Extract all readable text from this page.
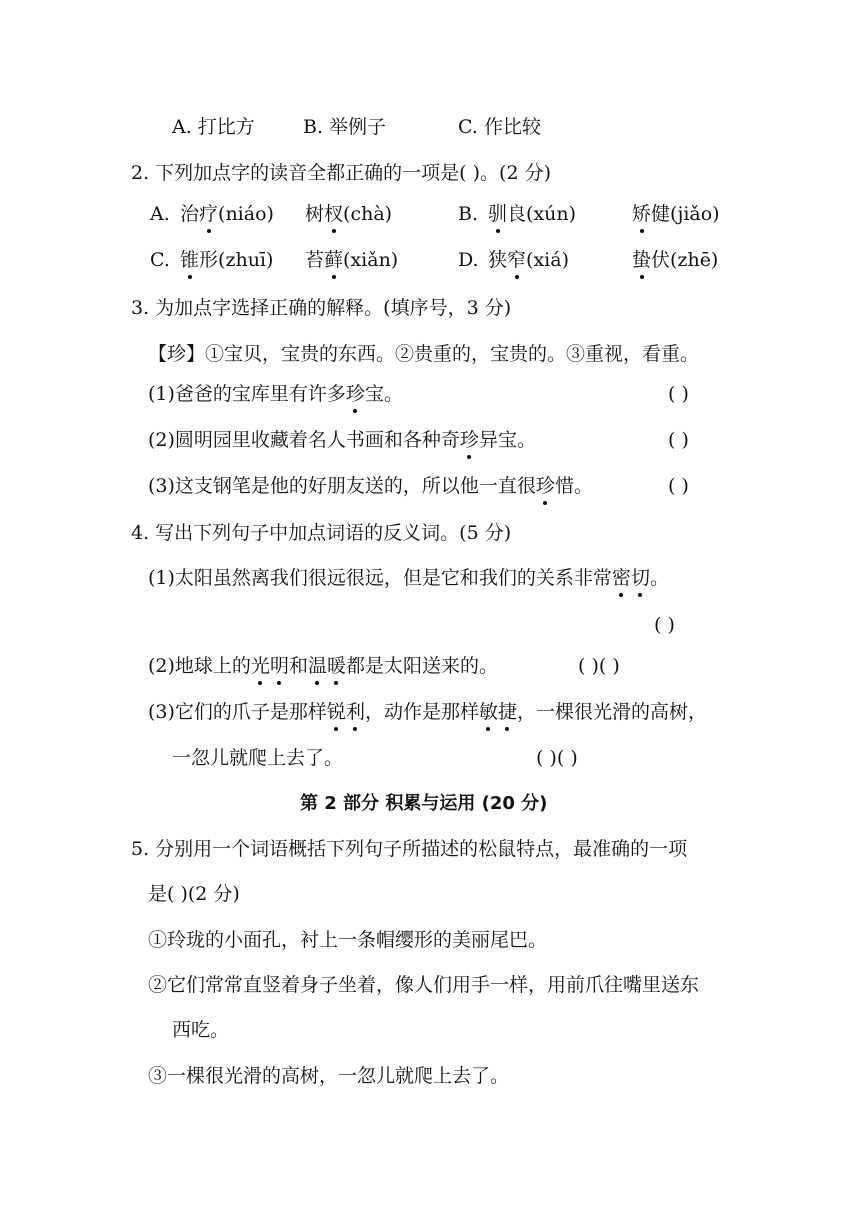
A. 打比方	B. 举例子	C. 作比较
2. 下列加点字的读音全都正确的一项是( )。(2 分)
A. 治疗(niáo) 树杈(chà)	B. 驯良(xún)	矫健(jiǎo)
C. 锥形(zhuī) 苔藓(xiǎn)	D. 狭窄(xiá)	蛰伏(zhē)
3. 为加点字选择正确的解释。(填序号，3 分)
【珍】①宝贝，宝贵的东西。②贵重的，宝贵的。③重视，看重。
(1)爸爸的宝库里有许多珍宝。	( )
(2)圆明园里收藏着名人书画和各种奇珍异宝。	( )
(3)这支钢笔是他的好朋友送的，所以他一直很珍惜。	( )
4. 写出下列句子中加点词语的反义词。(5 分)
(1)太阳虽然离我们很远很远，但是它和我们的关系非常密切。
( )
(2)地球上的光明和温暖都是太阳送来的。	( )( )
(3)它们的爪子是那样锐利，动作是那样敏捷，一棵很光滑的高树，
一忽儿就爬上去了。	( )( )
第 2 部分 积累与运用 (20 分)
5. 分别用一个词语概括下列句子所描述的松鼠特点，最准确的一项
是( )(2 分)
①玲珑的小面孔，衬上一条帽缨形的美丽尾巴。
②它们常常直竖着身子坐着，像人们用手一样，用前爪往嘴里送东
西吃。
③一棵很光滑的高树，一忽儿就爬上去了。
